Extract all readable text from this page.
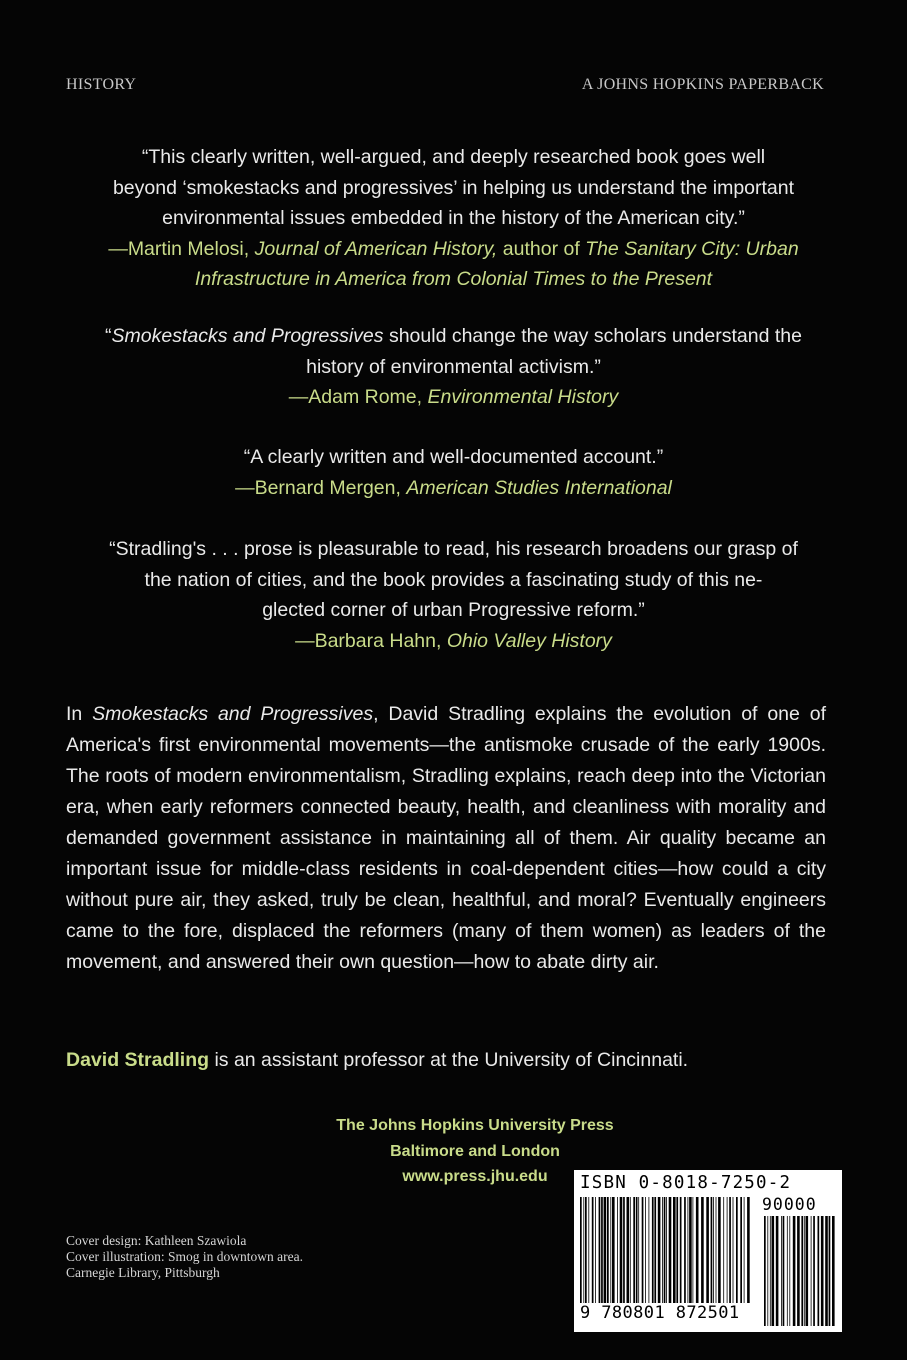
HISTORY	A JOHNS HOPKINS PAPERBACK

“This clearly written, well-argued, and deeply researched book goes well

beyond ‘smokestacks and progressives’ in helping us understand the important

environmental issues embedded in the history of the American city.”

—Martin Melosi, Journal of American History, author of The Sanitary City: Urban

Infrastructure in America from Colonial Times to the Present

“Smokestacks and Progressives should change the way scholars understand the

history of environmental activism.”

—Adam Rome, Environmental History

“A clearly written and well-documented account.”

—Bernard Mergen, American Studies International

“Stradling's . . . prose is pleasurable to read, his research broadens our grasp of

the nation of cities, and the book provides a fascinating study of this ne-

glected corner of urban Progressive reform.”

—Barbara Hahn, Ohio Valley History

In Smokestacks and Progressives, David Stradling explains the evolution of one of America's first environmental movements—the antismoke crusade of the early 1900s. The roots of modern environmentalism, Stradling explains, reach deep into the Victorian era, when early reformers connected beauty, health, and cleanliness with morality and demanded government assistance in maintaining all of them. Air quality became an important issue for middle-class residents in coal-dependent cities—how could a city without pure air, they asked, truly be clean, healthful, and moral? Eventually engineers came to the fore, displaced the reformers (many of them women) as leaders of the movement, and answered their own question—how to abate dirty air.

David Stradling is an assistant professor at the University of Cincinnati.
The Johns Hopkins University Press
Baltimore and London
www.press.jhu.edu
Cover design: Kathleen Szawiola
Cover illustration: Smog in downtown area.
Carnegie Library, Pittsburgh
ISBN 0-8018-7250-2
90000
9 780801 872501
